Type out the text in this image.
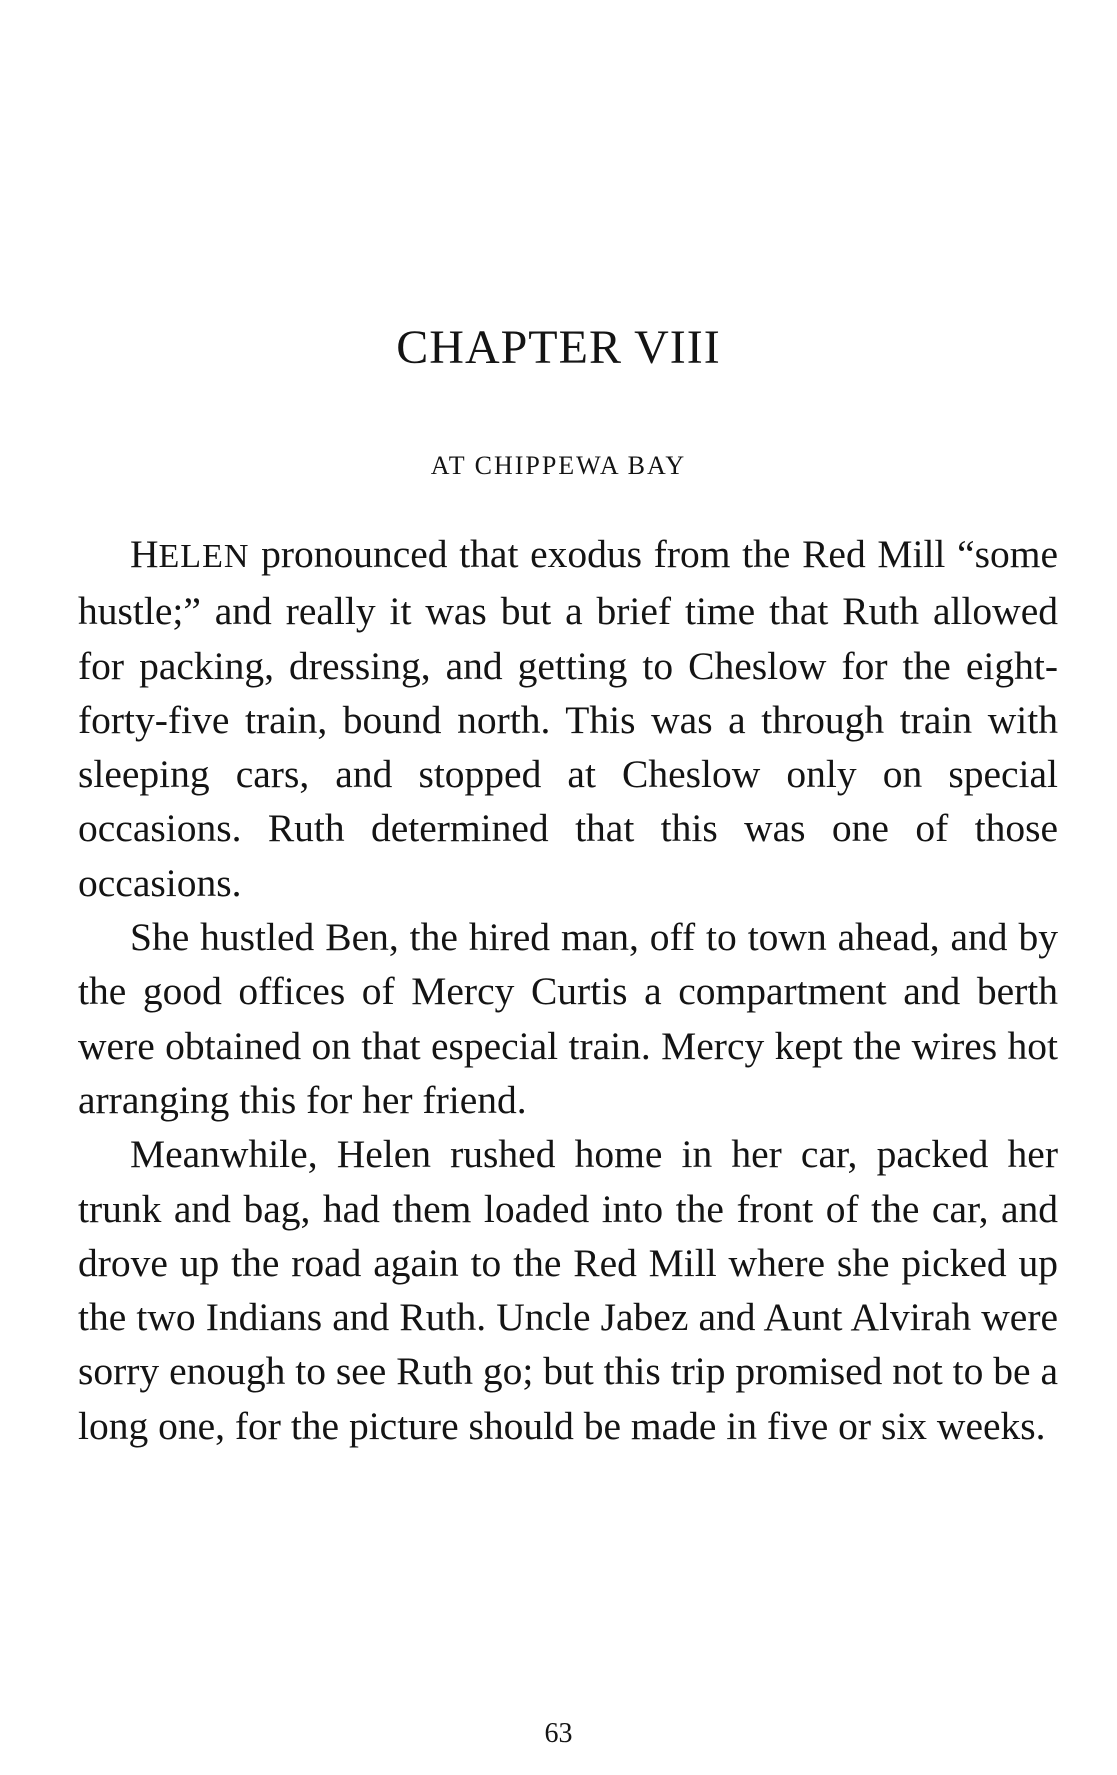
CHAPTER VIII
AT CHIPPEWA BAY

HELEN pronounced that exodus from the Red Mill “some hustle;” and really it was but a brief time that Ruth allowed for packing, dressing, and getting to Cheslow for the eight-forty-five train, bound north. This was a through train with sleeping cars, and stopped at Cheslow only on special occasions. Ruth determined that this was one of those occasions.

She hustled Ben, the hired man, off to town ahead, and by the good offices of Mercy Curtis a compartment and berth were obtained on that especial train. Mercy kept the wires hot arranging this for her friend.

Meanwhile, Helen rushed home in her car, packed her trunk and bag, had them loaded into the front of the car, and drove up the road again to the Red Mill where she picked up the two Indians and Ruth. Uncle Jabez and Aunt Alvirah were sorry enough to see Ruth go; but this trip promised not to be a long one, for the picture should be made in five or six weeks.

63
